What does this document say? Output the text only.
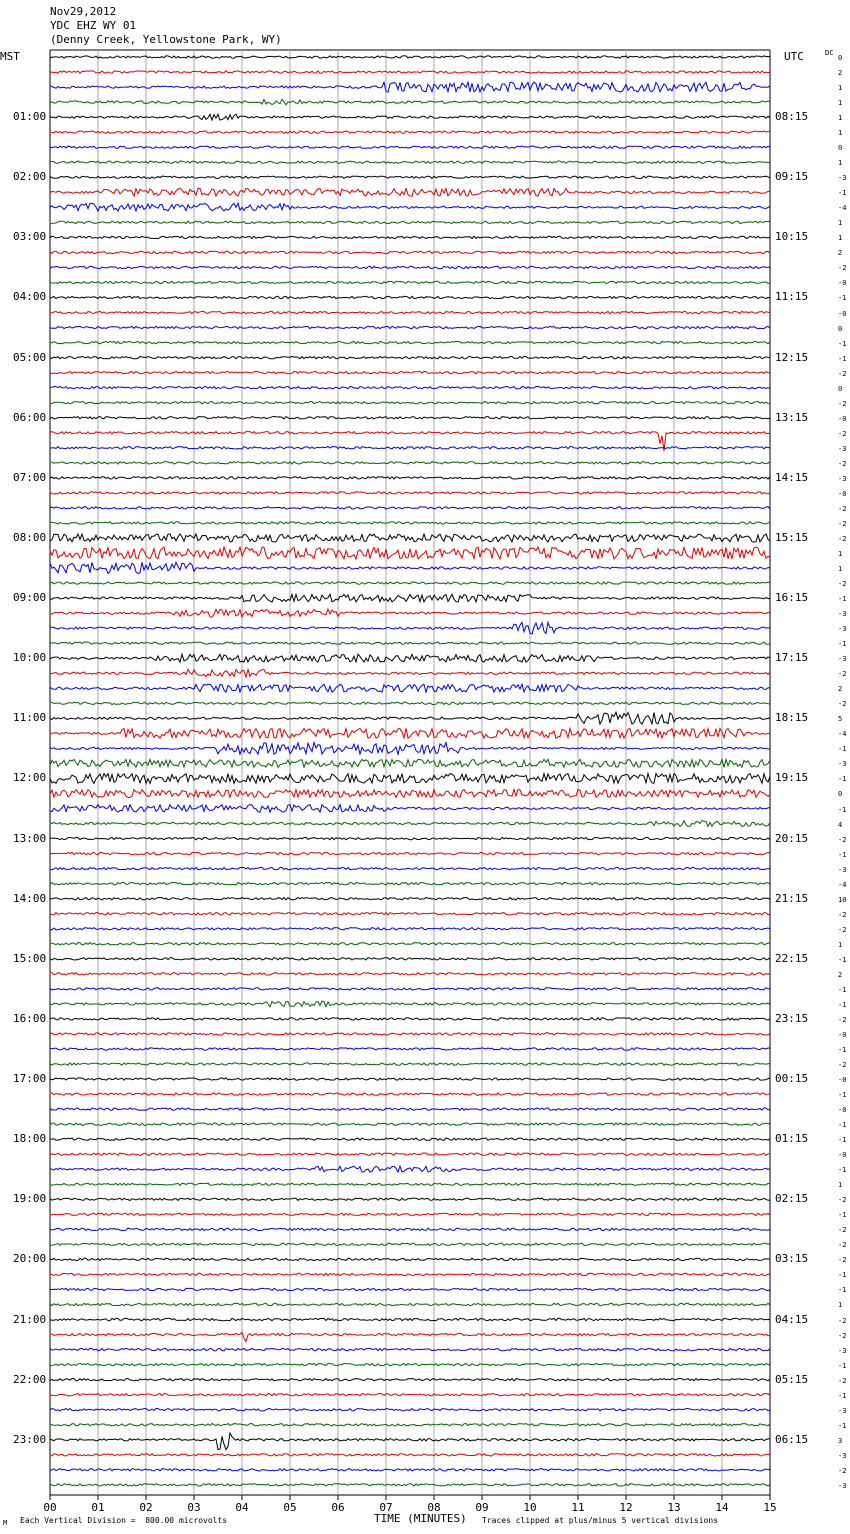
Nov29,2012
YDC EHZ WY 01
(Denny Creek, Yellowstone Park, WY)
MST	UTC	DC
00	01	02	03	04	05	06	07	08	09	10	11	12	13	14	15
TIME (MINUTES)
M Each Vertical Division =  800.00 microvolts	Traces clipped at plus/minus 5 vertical divisions
01:00
02:00
03:00
04:00
05:00
06:00
07:00
08:00
09:00
10:00
11:00
12:00
13:00
14:00
15:00
16:00
17:00
18:00
19:00
20:00
21:00
22:00
23:00
08:15
09:15
10:15
11:15
12:15
13:15
14:15
15:15
16:15
17:15
18:15
19:15
20:15
21:15
22:15
23:15
00:15
01:15
02:15
03:15
04:15
05:15
06:15
0
2
1
1
1
1
0
1
-3
-1
-4
1
1
2
-2
-0
-1
-0
0
-1
-1
-2
0
-2
-0
-2
-3
-2
-3
-0
-2
-2
-2
1
1
-2
-1
-3
-3
-1
-3
-2
2
-2
5
-4
-1
-3
-1
0
-1
4
-2
-1
-3
-4
10
-2
-2
1
-1
2
-1
-1
-2
-0
-1
-2
-0
-1
-0
-1
-1
-0
-1
1
-2
-1
-2
-2
-2
-1
-1
1
-2
-2
-3
-1
-2
-1
-3
-1
3
-3
-2
-3
